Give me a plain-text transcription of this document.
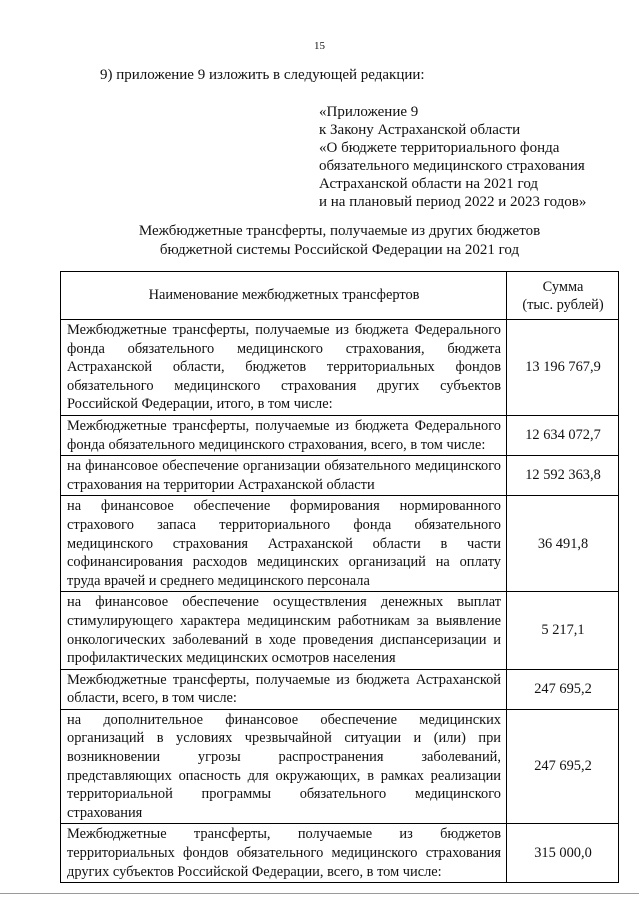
15
9) приложение 9 изложить в следующей редакции:
«Приложение 9
к Закону Астраханской области
«О бюджете территориального фонда
обязательного медицинского страхования
Астраханской области на 2021 год
и на плановый период 2022 и 2023 годов»
Межбюджетные трансферты, получаемые из других бюджетов
бюджетной системы Российской Федерации на 2021 год
Наименование межбюджетных трансфертов	Сумма
(тыс. рублей)

Межбюджетные трансферты, получаемые из бюджета Федерального фонда обязательного медицинского страхования, бюджета Астраханской области, бюджетов территориальных фондов обязательного медицинского страхования других субъектов Российской Федерации, итого, в том числе:	13 196 767,9
Межбюджетные трансферты, получаемые из бюджета Федерального фонда обязательного медицинского страхования, всего, в том числе:	12 634 072,7
на финансовое обеспечение организации обязательного медицинского страхования на территории Астраханской области	12 592 363,8
на финансовое обеспечение формирования нормированного страхового запаса территориального фонда обязательного медицинского страхования Астраханской области в части софинансирования расходов медицинских организаций на оплату труда врачей и среднего медицинского персонала	36 491,8
на финансовое обеспечение осуществления денежных выплат стимулирующего характера медицинским работникам за выявление онкологических заболеваний в ходе проведения диспансеризации и профилактических медицинских осмотров населения	5 217,1
Межбюджетные трансферты, получаемые из бюджета Астраханской области, всего, в том числе:	247 695,2
на дополнительное финансовое обеспечение медицинских организаций в условиях чрезвычайной ситуации и (или) при возникновении угрозы распространения заболеваний, представляющих опасность для окружающих, в рамках реализации территориальной программы обязательного медицинского страхования	247 695,2
Межбюджетные трансферты, получаемые из бюджетов территориальных фондов обязательного медицинского страхования других субъектов Российской Федерации, всего, в том числе:	315 000,0
